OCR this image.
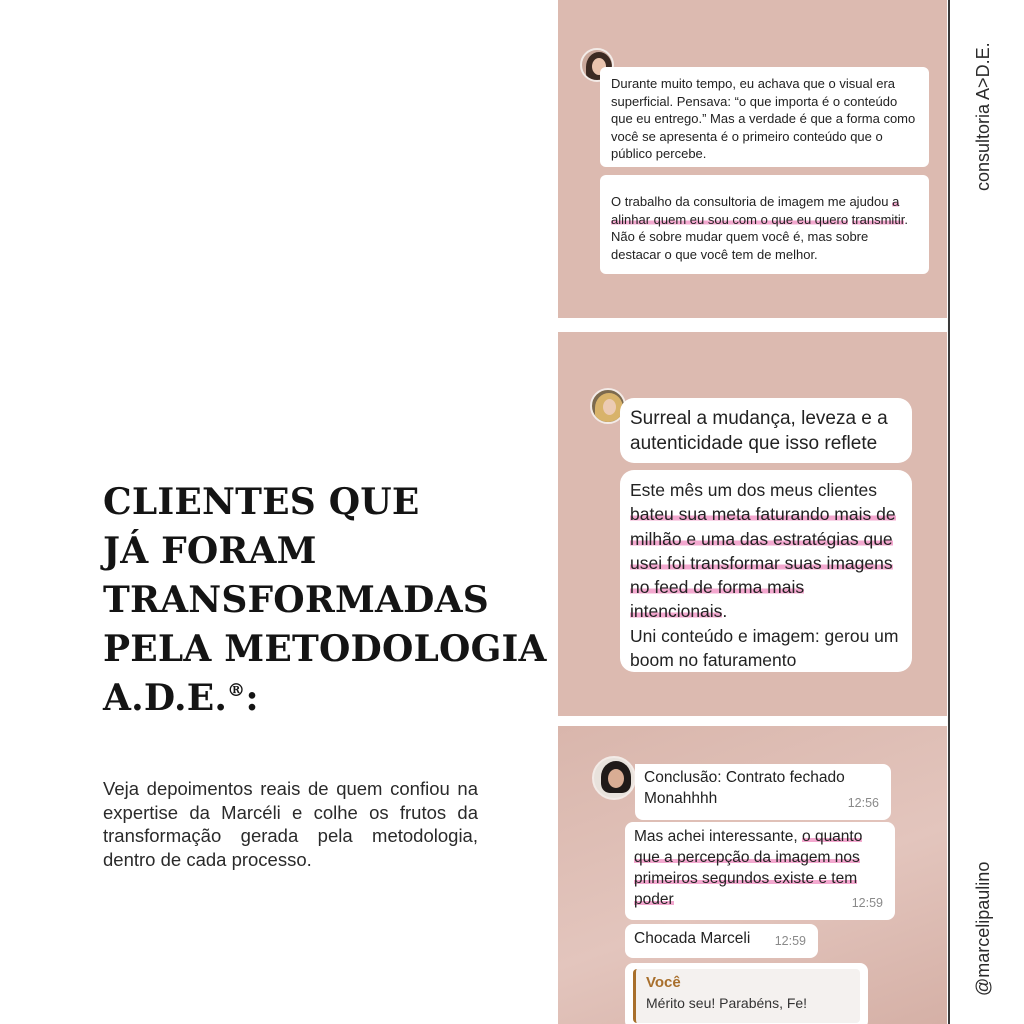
CLIENTES QUE
JÁ FORAM
TRANSFORMADAS
PELA METODOLOGIA
A.D.E.®:

Veja depoimentos reais de quem confiou na expertise da Marcéli e colhe os frutos da transformação gerada pela metodologia, dentro de cada processo.

consultoria A>D.E.
@marcelipaulino
Durante muito tempo, eu achava que o visual era superficial. Pensava: “o que importa é o conteúdo que eu entrego.” Mas a verdade é que a forma como você se apresenta é o primeiro conteúdo que o público percebe.
O trabalho da consultoria de imagem me ajudou a alinhar quem eu sou com o que eu quero transmitir. Não é sobre mudar quem você é, mas sobre destacar o que você tem de melhor.
Surreal a mudança, leveza e a autenticidade que isso reflete
Este mês um dos meus clientes bateu sua meta faturando mais de milhão e uma das estratégias que usei foi transformar suas imagens no feed de forma mais intencionais.
Uni conteúdo e imagem: gerou um boom no faturamento
Conclusão: Contrato fechado Monahhhh	12:56
Mas achei interessante, o quanto que a percepção da imagem nos primeiros segundos existe e tem poder	12:59
Chocada Marceli 12:59
Você
Mérito seu! Parabéns, Fe!
